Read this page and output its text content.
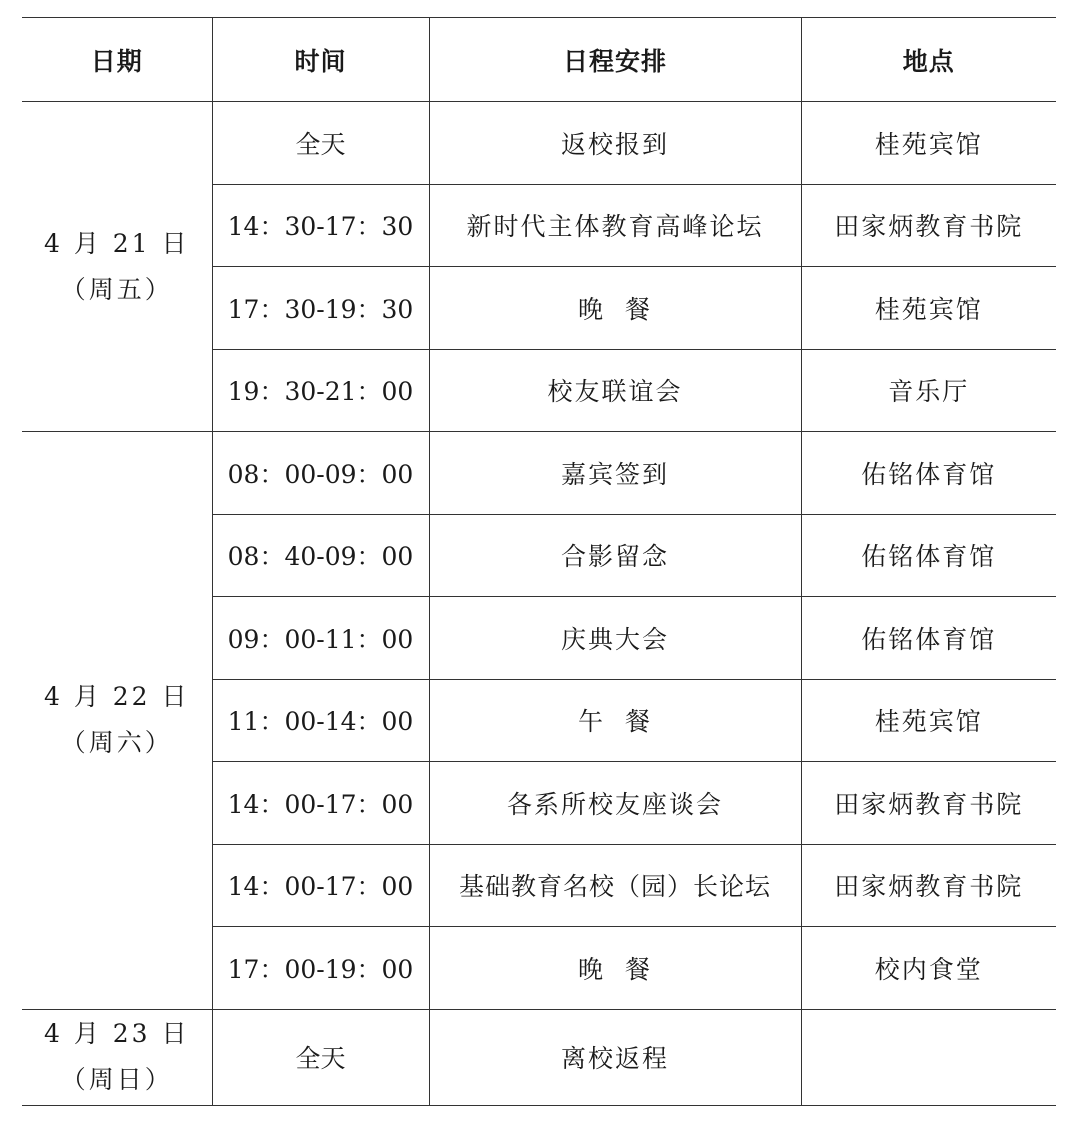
日期	时间	日程安排	地点

4 月 21 日
（周五）	全天	返校报到	桂苑宾馆
	14：30-17：30	新时代主体教育高峰论坛	田家炳教育书院
	17：30-19：30	晚  餐	桂苑宾馆
	19：30-21：00	校友联谊会	音乐厅

4 月 22 日
（周六）	08：00-09：00	嘉宾签到	佑铭体育馆
	08：40-09：00	合影留念	佑铭体育馆
	09：00-11：00	庆典大会	佑铭体育馆
	11：00-14：00	午  餐	桂苑宾馆
	14：00-17：00	各系所校友座谈会	田家炳教育书院
	14：00-17：00	基础教育名校（园）长论坛	田家炳教育书院
	17：00-19：00	晚  餐	校内食堂

4 月 23 日
（周日）	全天	离校返程	
